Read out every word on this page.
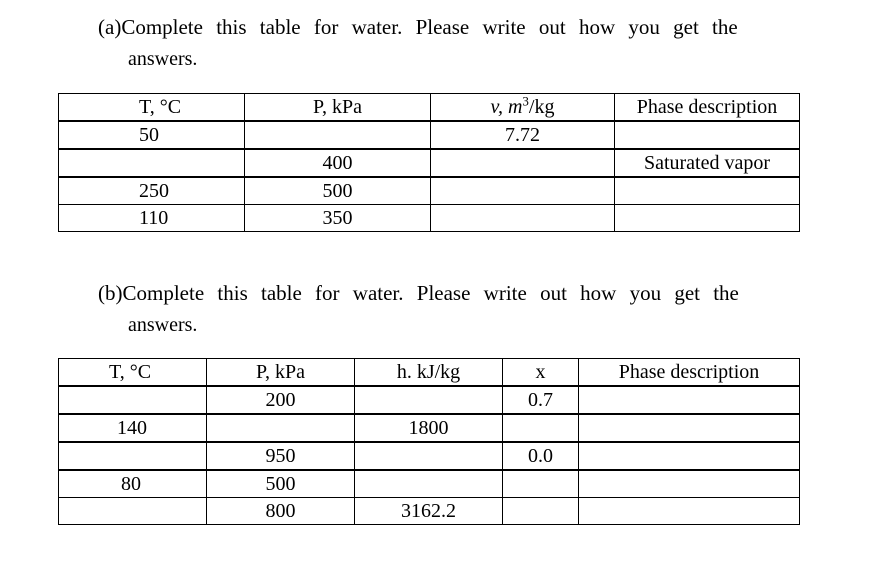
(a)Complete this table for water. Please write out how you get the
answers.
T, °C	P, kPa	v, $m^3/kg$	Phase description
50		7.72	
	400		Saturated vapor
250	500		
110	350		
(b)Complete this table for water. Please write out how you get the
answers.
T, °C	P, kPa	h. kJ/kg	x	Phase description
	200		0.7	
140		1800		
	950		0.0	
80	500			
	800	3162.2		
